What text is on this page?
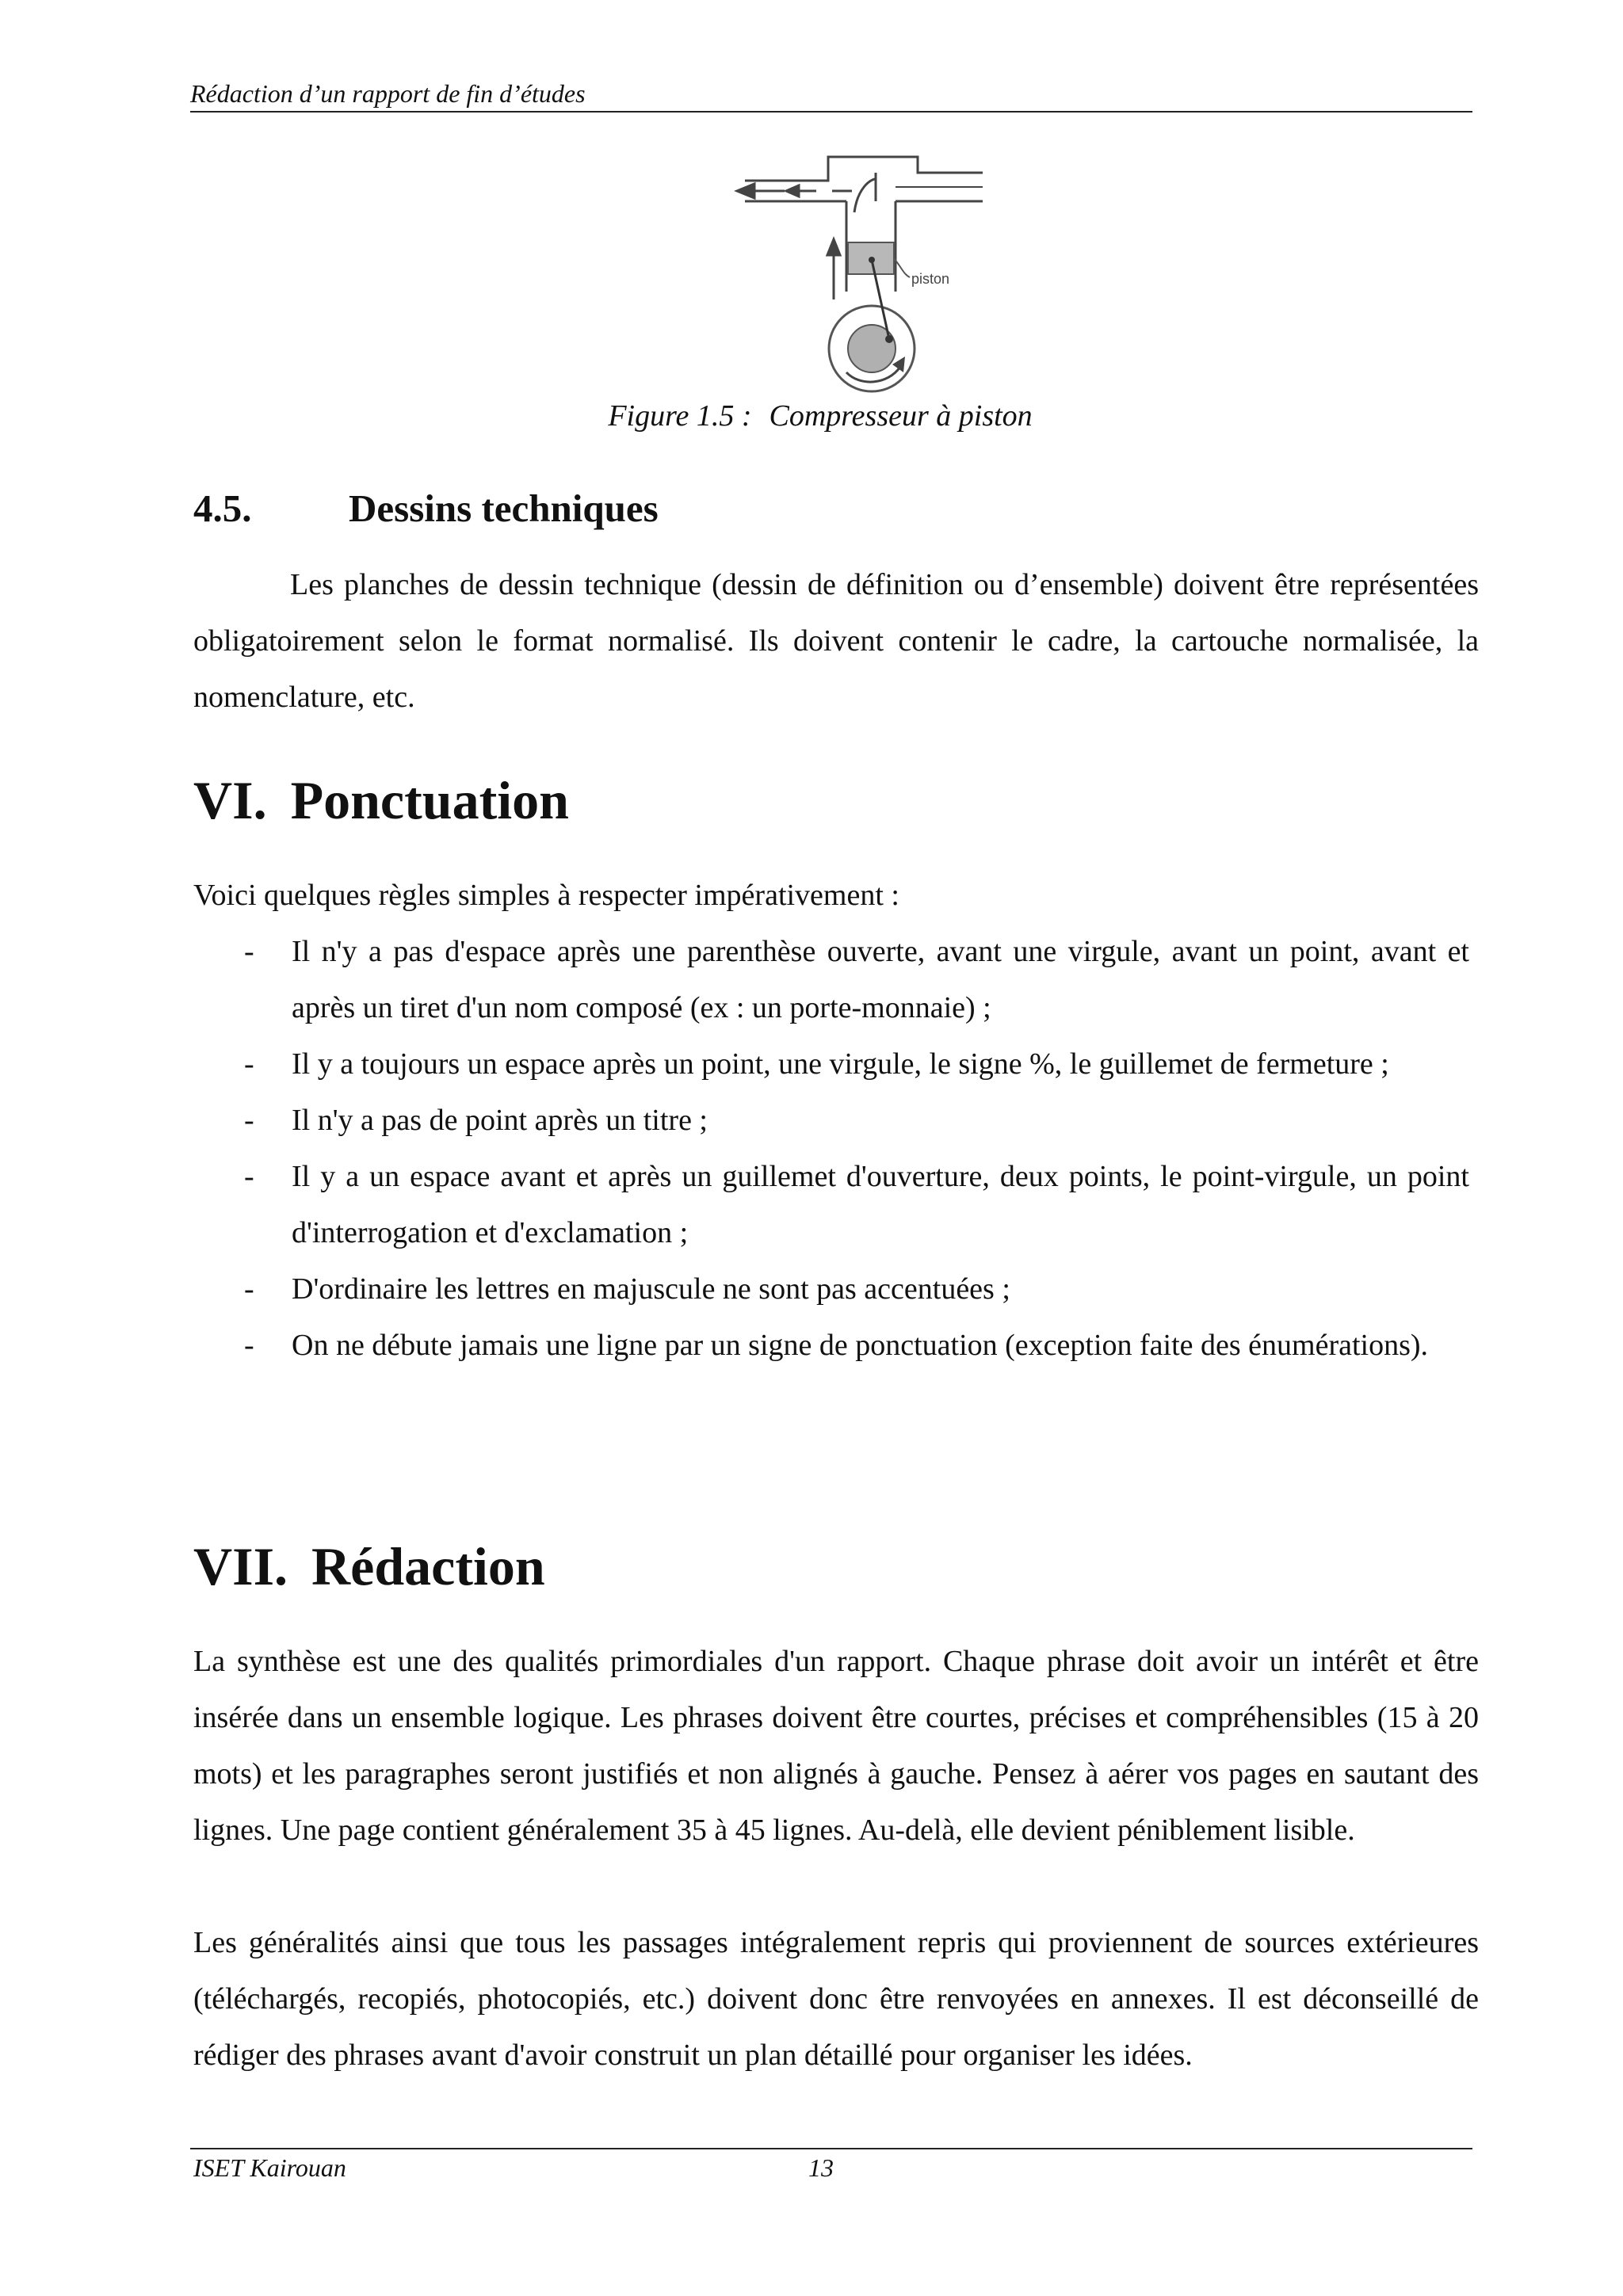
Rédaction d’un rapport de fin d’études
piston
Figure 1.5 : Compresseur à piston
4.5.	Dessins techniques

Les planches de dessin technique (dessin de définition ou d’ensemble) doivent être représentées obligatoirement selon le format normalisé. Ils doivent contenir le cadre, la cartouche normalisée, la nomenclature, etc.

VI. Ponctuation
Voici quelques règles simples à respecter impérativement :
- Il n'y a pas d'espace après une parenthèse ouverte, avant une virgule, avant un point, avant et après un tiret d'un nom composé (ex : un porte-monnaie) ;
- Il y a toujours un espace après un point, une virgule, le signe %, le guillemet de fermeture ;
- Il n'y a pas de point après un titre ;
- Il y a un espace avant et après un guillemet d'ouverture, deux points, le point-virgule, un point d'interrogation et d'exclamation ;
- D'ordinaire les lettres en majuscule ne sont pas accentuées ;
- On ne débute jamais une ligne par un signe de ponctuation (exception faite des énumérations).
VII. Rédaction

La synthèse est une des qualités primordiales d'un rapport. Chaque phrase doit avoir un intérêt et être insérée dans un ensemble logique. Les phrases doivent être courtes, précises et compréhensibles (15 à 20 mots) et les paragraphes seront justifiés et non alignés à gauche. Pensez à aérer vos pages en sautant des lignes. Une page contient généralement 35 à 45 lignes. Au-delà, elle devient péniblement lisible.

Les généralités ainsi que tous les passages intégralement repris qui proviennent de sources extérieures (téléchargés, recopiés, photocopiés, etc.) doivent donc être renvoyées en annexes. Il est déconseillé de rédiger des phrases avant d'avoir construit un plan détaillé pour organiser les idées.

ISET Kairouan	13
